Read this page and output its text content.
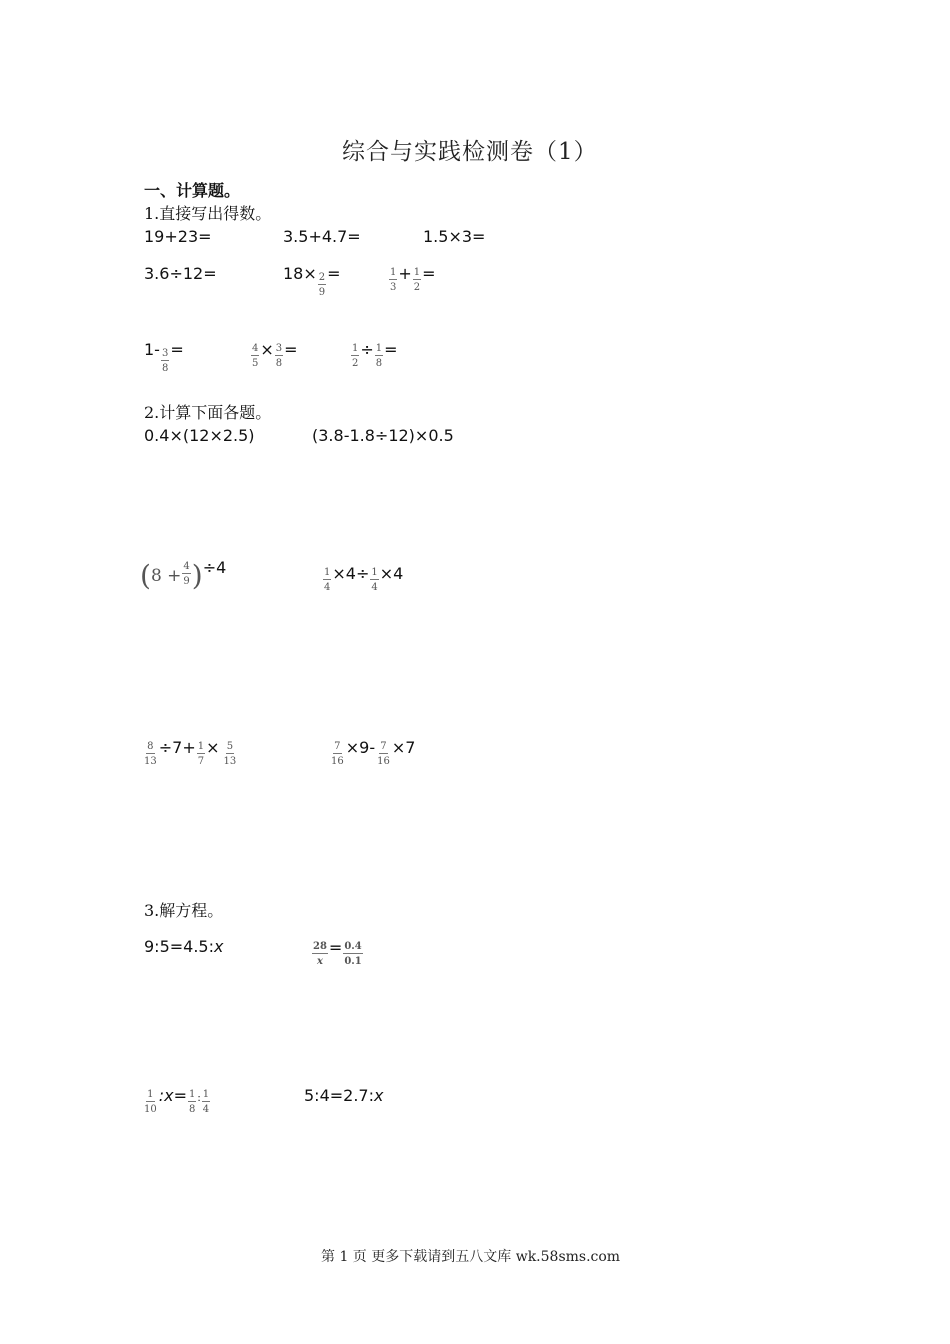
综合与实践检测卷（1）
一、计算题。
1.直接写出得数。
19+23=	3.5+4.7=	1.5×3=
3.6÷12=	$18\times \frac{2}{9}$ =	$\frac{1}{3} + \frac{1}{2}$ =
$1- \frac{3}{8}$ =	$\frac{4}{5} \times \frac{3}{8}$ =	$\frac{1}{2} \div \frac{1}{8}$ =
2.计算下面各题。
0.4×(12×2.5)	(3.8-1.8÷12)×0.5
$(8 + \frac{4}{9} )\div 4$	$\frac{1}{4} \times 4\div \frac{1}{4} \times 4$
$\frac{8}{13} \div 7+ \frac{1}{7} \times \frac{5}{13}$	$\frac{7}{16} \times 9- \frac{7}{16} \times 7$
3.解方程。
9:5=4.5:x	$\frac{28}{x} = \frac{0.4}{0.1}$
$\frac{1}{10}$ :x= $\frac{1}{8}$ : $\frac{1}{4}$	5:4=2.7:x
第 1 页 更多下载请到五八文库 wk.58sms.com
